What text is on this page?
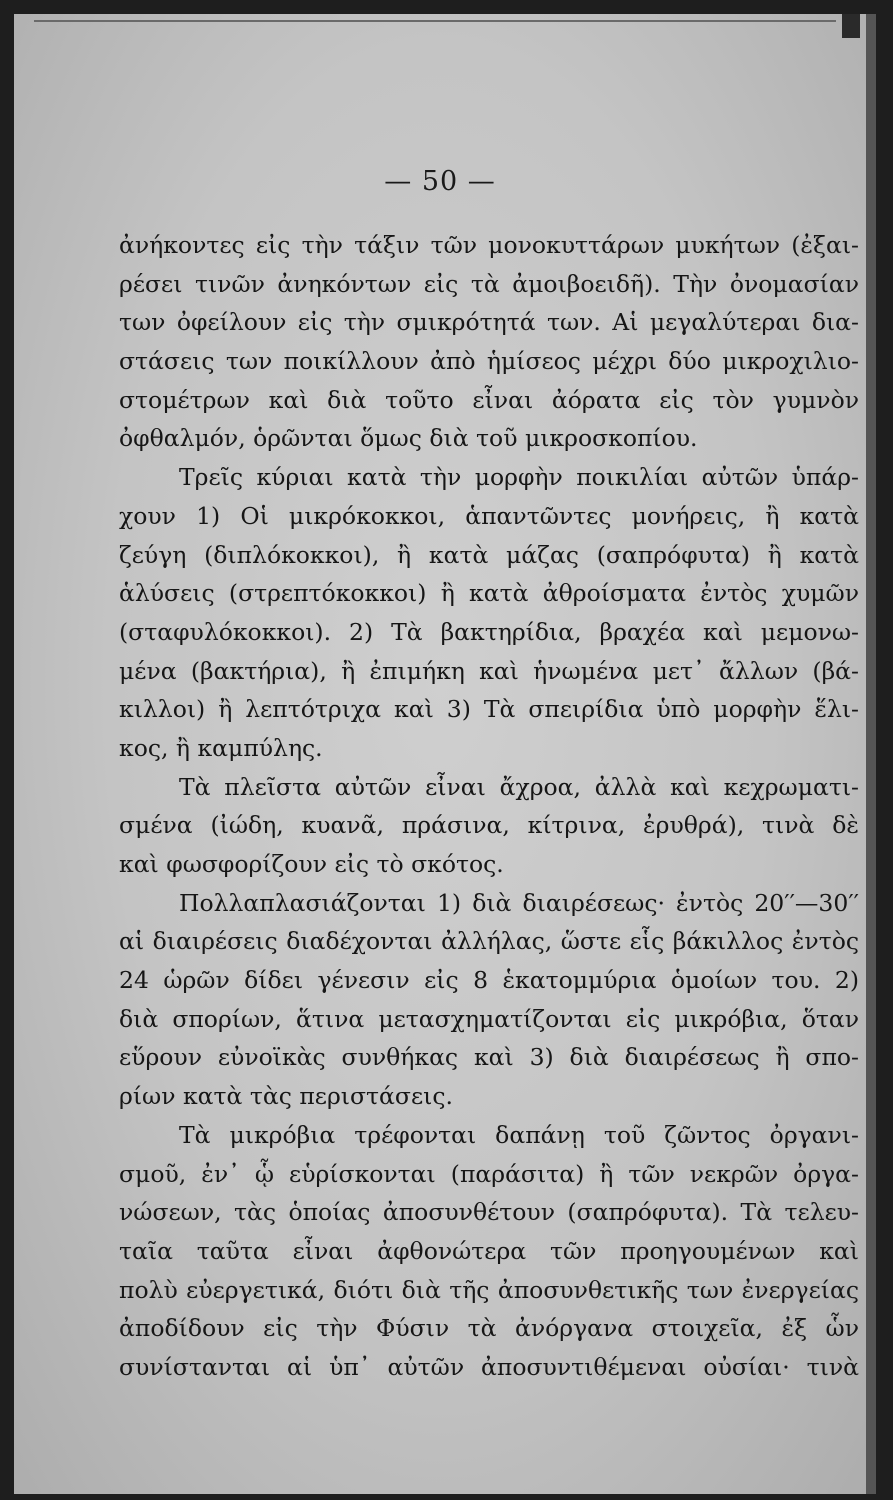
— 50 —
ἀνήκοντες εἰς τὴν τάξιν τῶν μονοκυττάρων μυκήτων (ἐξαι-
ρέσει τινῶν ἀνηκόντων εἰς τὰ ἀμοιβοειδῆ). Τὴν ὀνομασίαν
των ὀφείλουν εἰς τὴν σμικρότητά των. Αἱ μεγαλύτεραι δια-
στάσεις των ποικίλλουν ἀπὸ ἡμίσεος μέχρι δύο μικροχιλιο-
στομέτρων καὶ διὰ τοῦτο εἶναι ἀόρατα εἰς τὸν γυμνὸν
ὀφθαλμόν, ὁρῶνται ὅμως διὰ τοῦ μικροσκοπίου.
Τρεῖς κύριαι κατὰ τὴν μορφὴν ποικιλίαι αὐτῶν ὑπάρ-
χουν 1) Οἱ μικρόκοκκοι, ἁπαντῶντες μονήρεις, ἢ κατὰ
ζεύγη (διπλόκοκκοι), ἢ κατὰ μάζας (σαπρόφυτα) ἢ κατὰ
ἁλύσεις (στρεπτόκοκκοι) ἢ κατὰ ἀθροίσματα ἐντὸς χυμῶν
(σταφυλόκοκκοι). 2) Τὰ βακτηρίδια, βραχέα καὶ μεμονω-
μένα (βακτήρια), ἢ ἐπιμήκη καὶ ἡνωμένα μετ᾿ ἄλλων (βά-
κιλλοι) ἢ λεπτότριχα καὶ 3) Τὰ σπειρίδια ὑπὸ μορφὴν ἕλι-
κος, ἢ καμπύλης.
Τὰ πλεῖστα αὐτῶν εἶναι ἄχροα, ἀλλὰ καὶ κεχρωματι-
σμένα (ἰώδη, κυανᾶ, πράσινα, κίτρινα, ἐρυθρά), τινὰ δὲ
καὶ φωσφορίζουν εἰς τὸ σκότος.
Πολλαπλασιάζονται 1) διὰ διαιρέσεως· ἐντὸς 20′′—30′′
αἱ διαιρέσεις διαδέχονται ἀλλήλας, ὥστε εἷς βάκιλλος ἐντὸς
24 ὡρῶν δίδει γένεσιν εἰς 8 ἑκατομμύρια ὁμοίων του. 2)
διὰ σπορίων, ἅτινα μετασχηματίζονται εἰς μικρόβια, ὅταν
εὕρουν εὐνοϊκὰς συνθήκας καὶ 3) διὰ διαιρέσεως ἢ σπο-
ρίων κατὰ τὰς περιστάσεις.
Τὰ μικρόβια τρέφονται δαπάνῃ τοῦ ζῶντος ὀργανι-
σμοῦ, ἐν᾿ ᾧ εὑρίσκονται (παράσιτα) ἢ τῶν νεκρῶν ὀργα-
νώσεων, τὰς ὁποίας ἀποσυνθέτουν (σαπρόφυτα). Τὰ τελευ-
ταῖα ταῦτα εἶναι ἀφθονώτερα τῶν προηγουμένων καὶ
πολὺ εὐεργετικά, διότι διὰ τῆς ἀποσυνθετικῆς των ἐνεργείας
ἀποδίδουν εἰς τὴν Φύσιν τὰ ἀνόργανα στοιχεῖα, ἐξ ὧν
συνίστανται αἱ ὑπ᾿ αὐτῶν ἀποσυντιθέμεναι οὐσίαι· τινὰ
